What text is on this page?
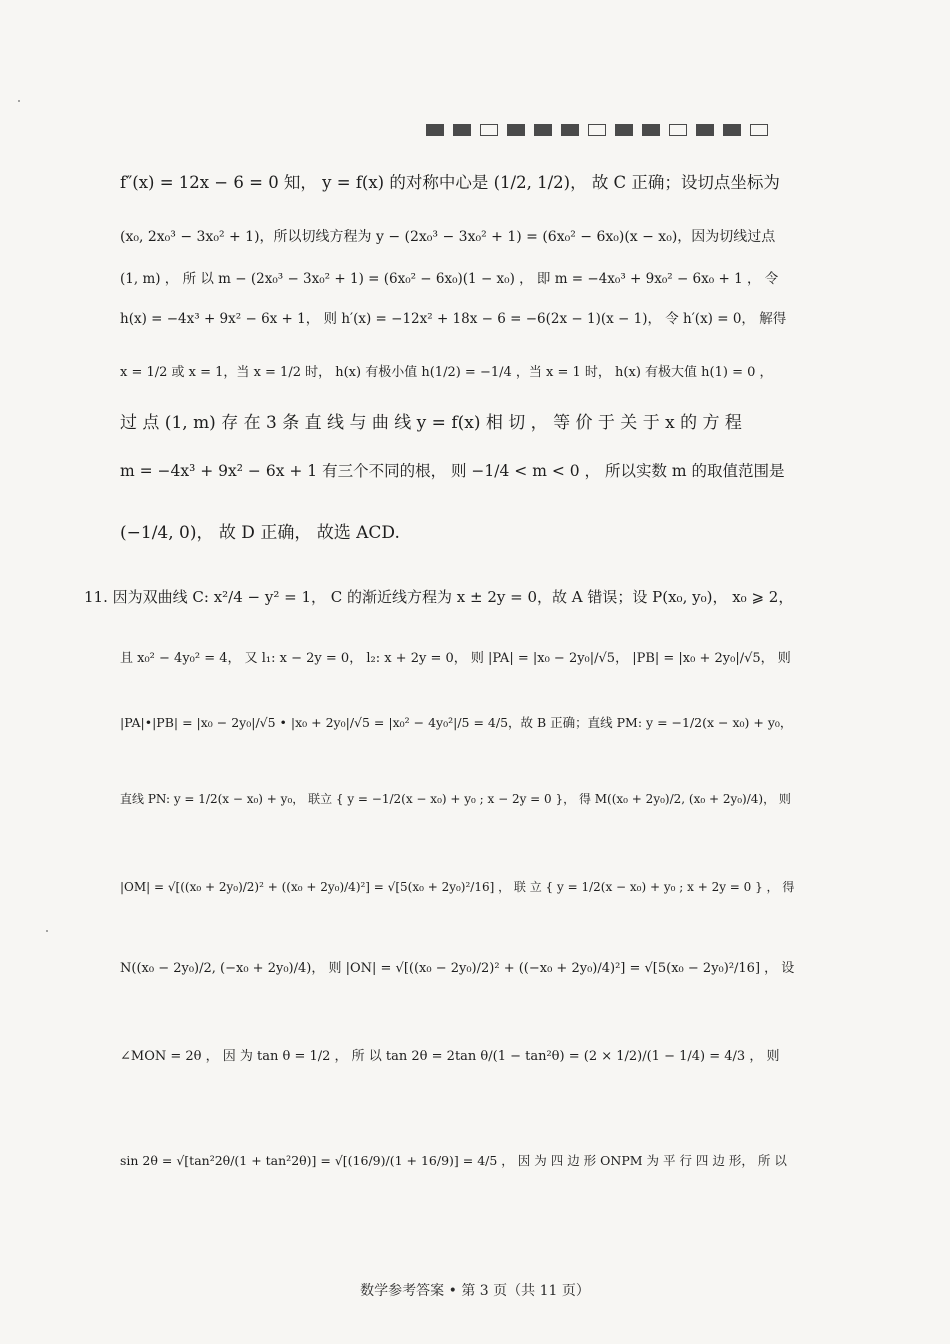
f″(x) = 12x − 6 = 0 知， y = f(x) 的对称中心是 (1/2, 1/2)， 故 C 正确；设切点坐标为
(x₀, 2x₀³ − 3x₀² + 1)，所以切线方程为 y − (2x₀³ − 3x₀² + 1) = (6x₀² − 6x₀)(x − x₀)，因为切线过点
(1, m) ， 所 以 m − (2x₀³ − 3x₀² + 1) = (6x₀² − 6x₀)(1 − x₀) ， 即 m = −4x₀³ + 9x₀² − 6x₀ + 1 ， 令
h(x) = −4x³ + 9x² − 6x + 1， 则 h′(x) = −12x² + 18x − 6 = −6(2x − 1)(x − 1)， 令 h′(x) = 0， 解得
x = 1/2 或 x = 1，当 x = 1/2 时， h(x) 有极小值 h(1/2) = −1/4 ，当 x = 1 时， h(x) 有极大值 h(1) = 0 ，
过 点 (1, m) 存 在 3 条 直 线 与 曲 线 y = f(x) 相 切 ， 等 价 于 关 于 x 的 方 程
m = −4x³ + 9x² − 6x + 1 有三个不同的根， 则 −1/4 < m < 0 ， 所以实数 m 的取值范围是
(−1/4, 0)， 故 D 正确， 故选 ACD.
11. 因为双曲线 C: x²/4 − y² = 1， C 的渐近线方程为 x ± 2y = 0，故 A 错误；设 P(x₀, y₀)， x₀ ⩾ 2，
且 x₀² − 4y₀² = 4， 又 l₁: x − 2y = 0， l₂: x + 2y = 0， 则 |PA| = |x₀ − 2y₀|/√5， |PB| = |x₀ + 2y₀|/√5， 则
|PA|•|PB| = |x₀ − 2y₀|/√5 • |x₀ + 2y₀|/√5 = |x₀² − 4y₀²|/5 = 4/5，故 B 正确；直线 PM: y = −1/2(x − x₀) + y₀，
直线 PN: y = 1/2(x − x₀) + y₀， 联立 { y = −1/2(x − x₀) + y₀ ; x − 2y = 0 }， 得 M((x₀ + 2y₀)/2, (x₀ + 2y₀)/4)， 则
|OM| = √[((x₀ + 2y₀)/2)² + ((x₀ + 2y₀)/4)²] = √[5(x₀ + 2y₀)²/16] ， 联 立 { y = 1/2(x − x₀) + y₀ ; x + 2y = 0 } ， 得
N((x₀ − 2y₀)/2, (−x₀ + 2y₀)/4)， 则 |ON| = √[((x₀ − 2y₀)/2)² + ((−x₀ + 2y₀)/4)²] = √[5(x₀ − 2y₀)²/16] ， 设
∠MON = 2θ ， 因 为 tan θ = 1/2 ， 所 以 tan 2θ = 2tan θ/(1 − tan²θ) = (2 × 1/2)/(1 − 1/4) = 4/3 ， 则
sin 2θ = √[tan²2θ/(1 + tan²2θ)] = √[(16/9)/(1 + 16/9)] = 4/5 ， 因 为 四 边 形 ONPM 为 平 行 四 边 形， 所 以
数学参考答案 • 第 3 页（共 11 页）
